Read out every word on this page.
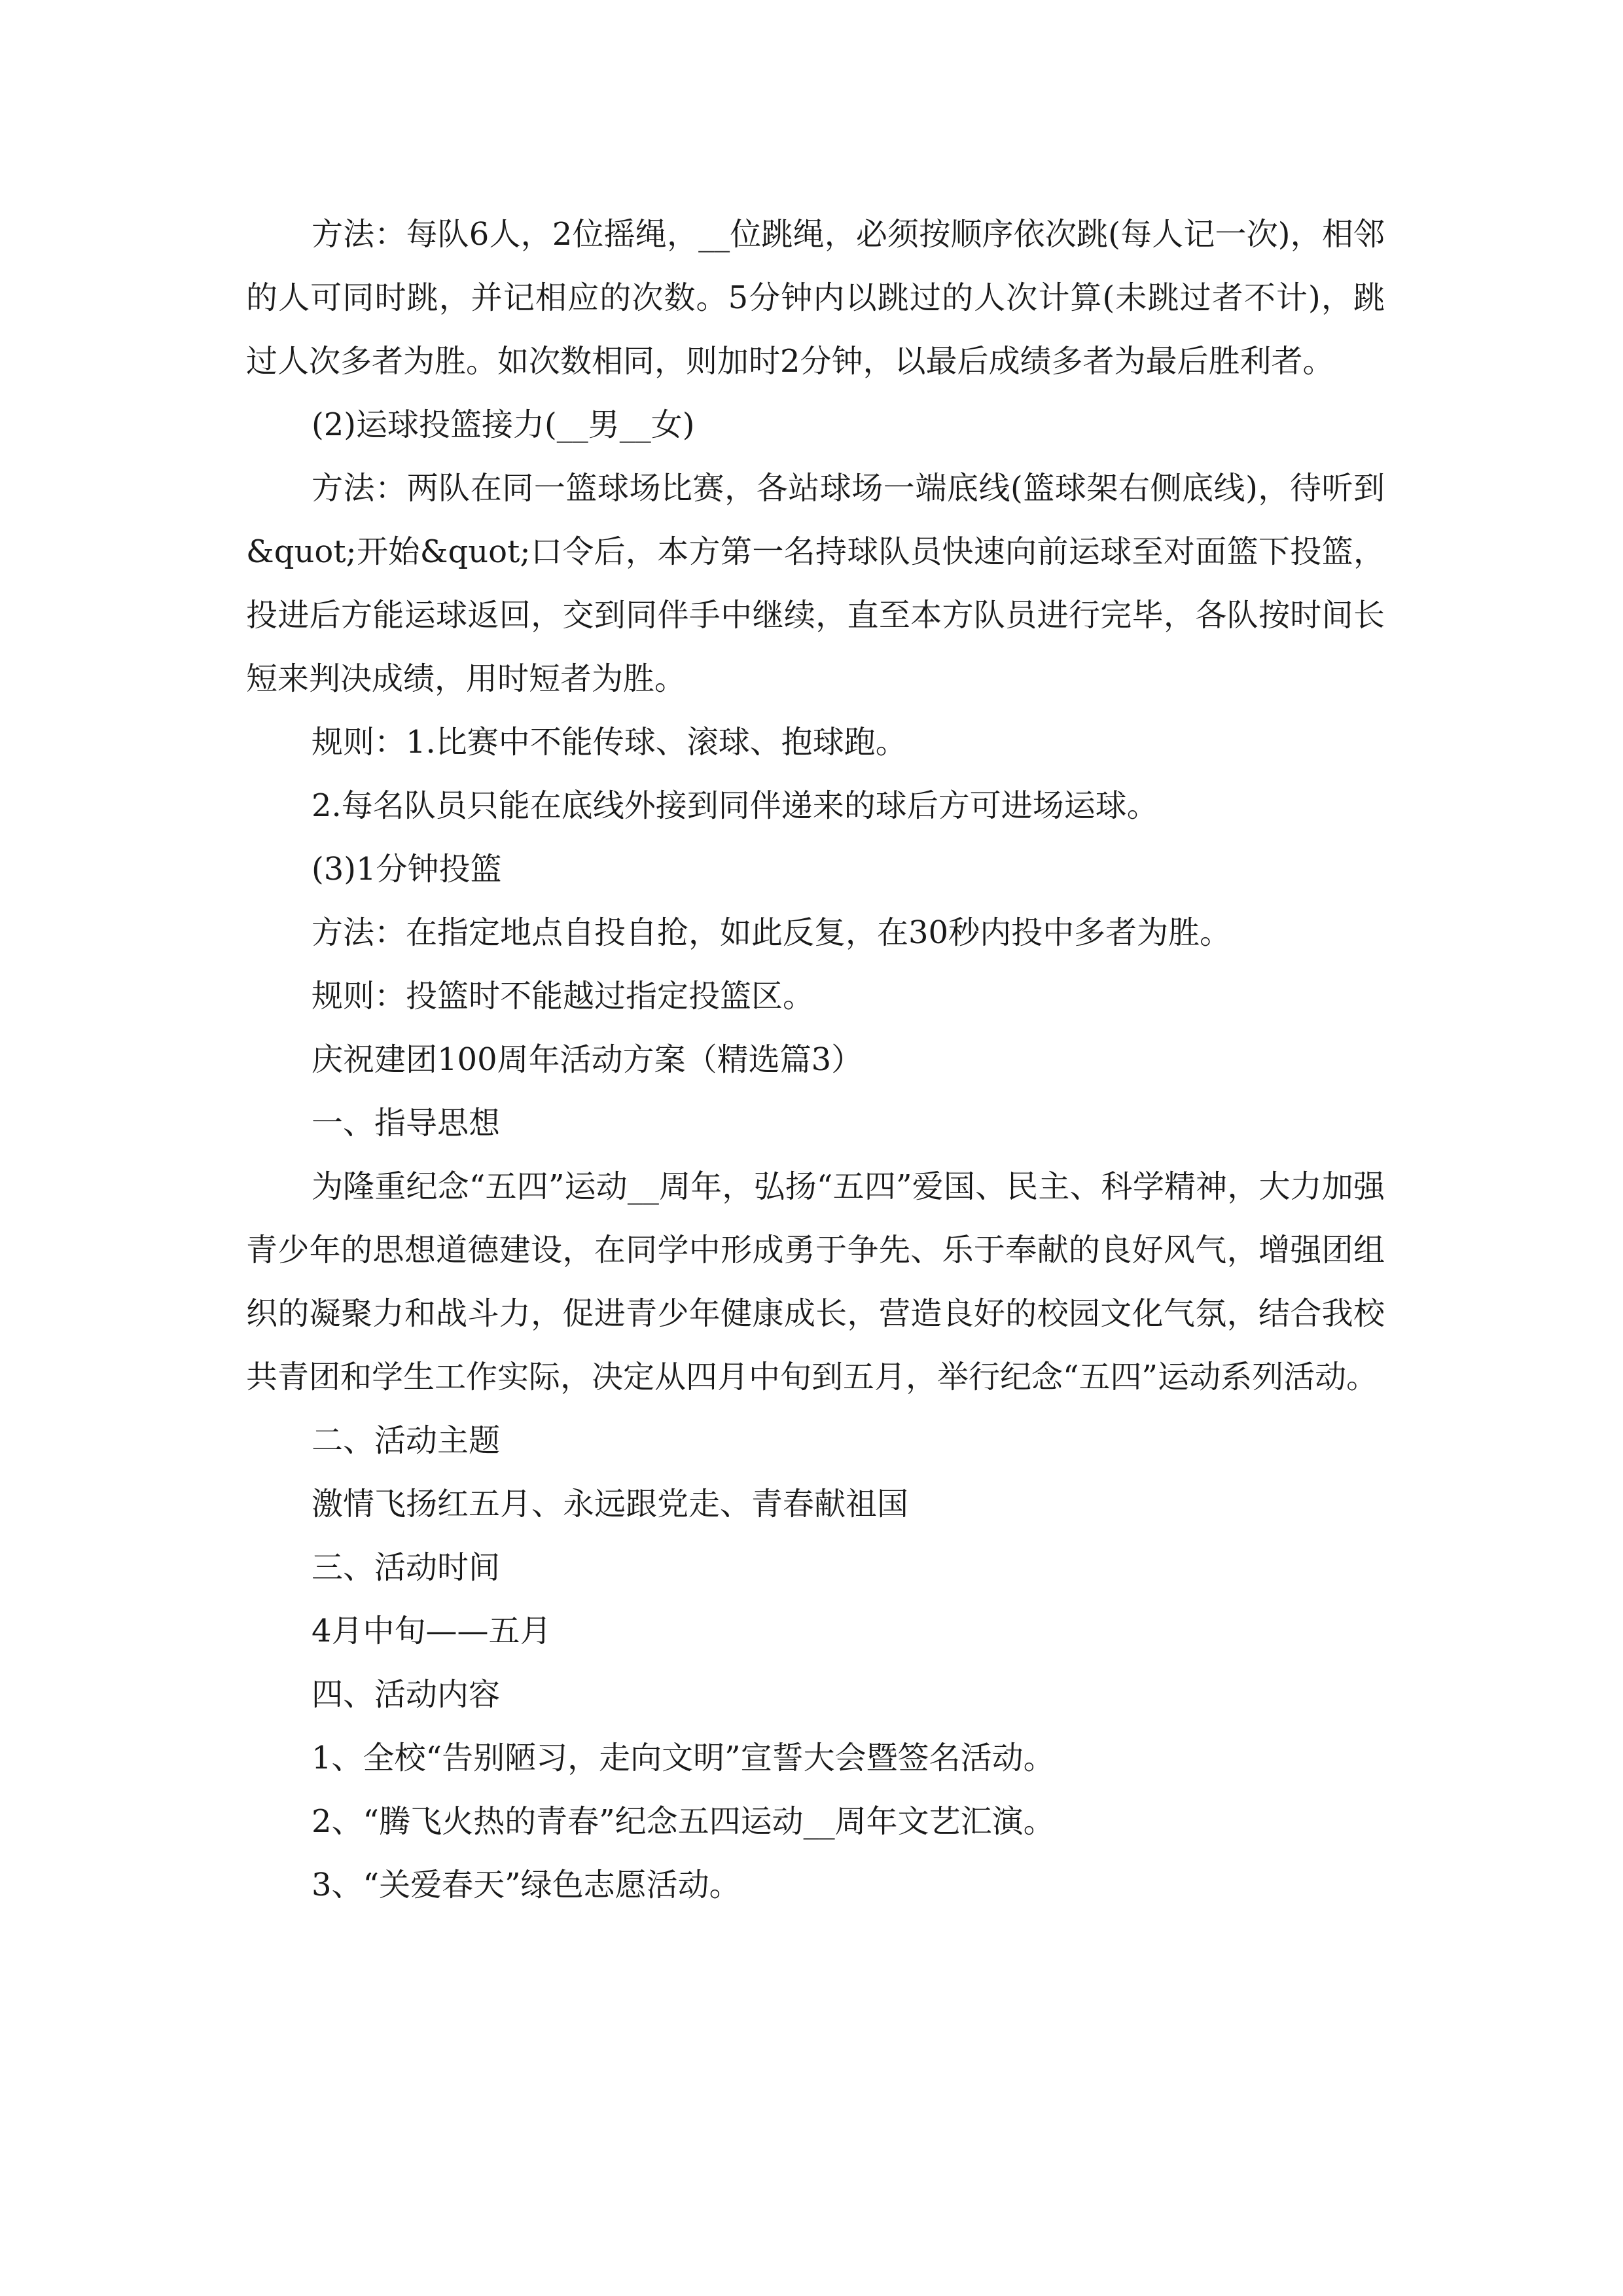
方法：每队6人，2位摇绳，__位跳绳，必须按顺序依次跳(每人记一次)，相邻的人可同时跳，并记相应的次数。5分钟内以跳过的人次计算(未跳过者不计)，跳过人次多者为胜。如次数相同，则加时2分钟，以最后成绩多者为最后胜利者。

(2)运球投篮接力(__男__女)

方法：两队在同一篮球场比赛，各站球场一端底线(篮球架右侧底线)，待听到&quot;开始&quot;口令后，本方第一名持球队员快速向前运球至对面篮下投篮，投进后方能运球返回，交到同伴手中继续，直至本方队员进行完毕，各队按时间长短来判决成绩，用时短者为胜。

规则：1.比赛中不能传球、滚球、抱球跑。

2.每名队员只能在底线外接到同伴递来的球后方可进场运球。

(3)1分钟投篮

方法：在指定地点自投自抢，如此反复，在30秒内投中多者为胜。

规则：投篮时不能越过指定投篮区。

庆祝建团100周年活动方案（精选篇3）

一、指导思想

为隆重纪念“五四”运动__周年，弘扬“五四”爱国、民主、科学精神，大力加强青少年的思想道德建设，在同学中形成勇于争先、乐于奉献的良好风气，增强团组织的凝聚力和战斗力，促进青少年健康成长，营造良好的校园文化气氛，结合我校共青团和学生工作实际，决定从四月中旬到五月，举行纪念“五四”运动系列活动。

二、活动主题

激情飞扬红五月、永远跟党走、青春献祖国

三、活动时间

4月中旬——五月

四、活动内容

1、全校“告别陋习，走向文明”宣誓大会暨签名活动。

2、“腾飞火热的青春”纪念五四运动__周年文艺汇演。

3、“关爱春天”绿色志愿活动。
